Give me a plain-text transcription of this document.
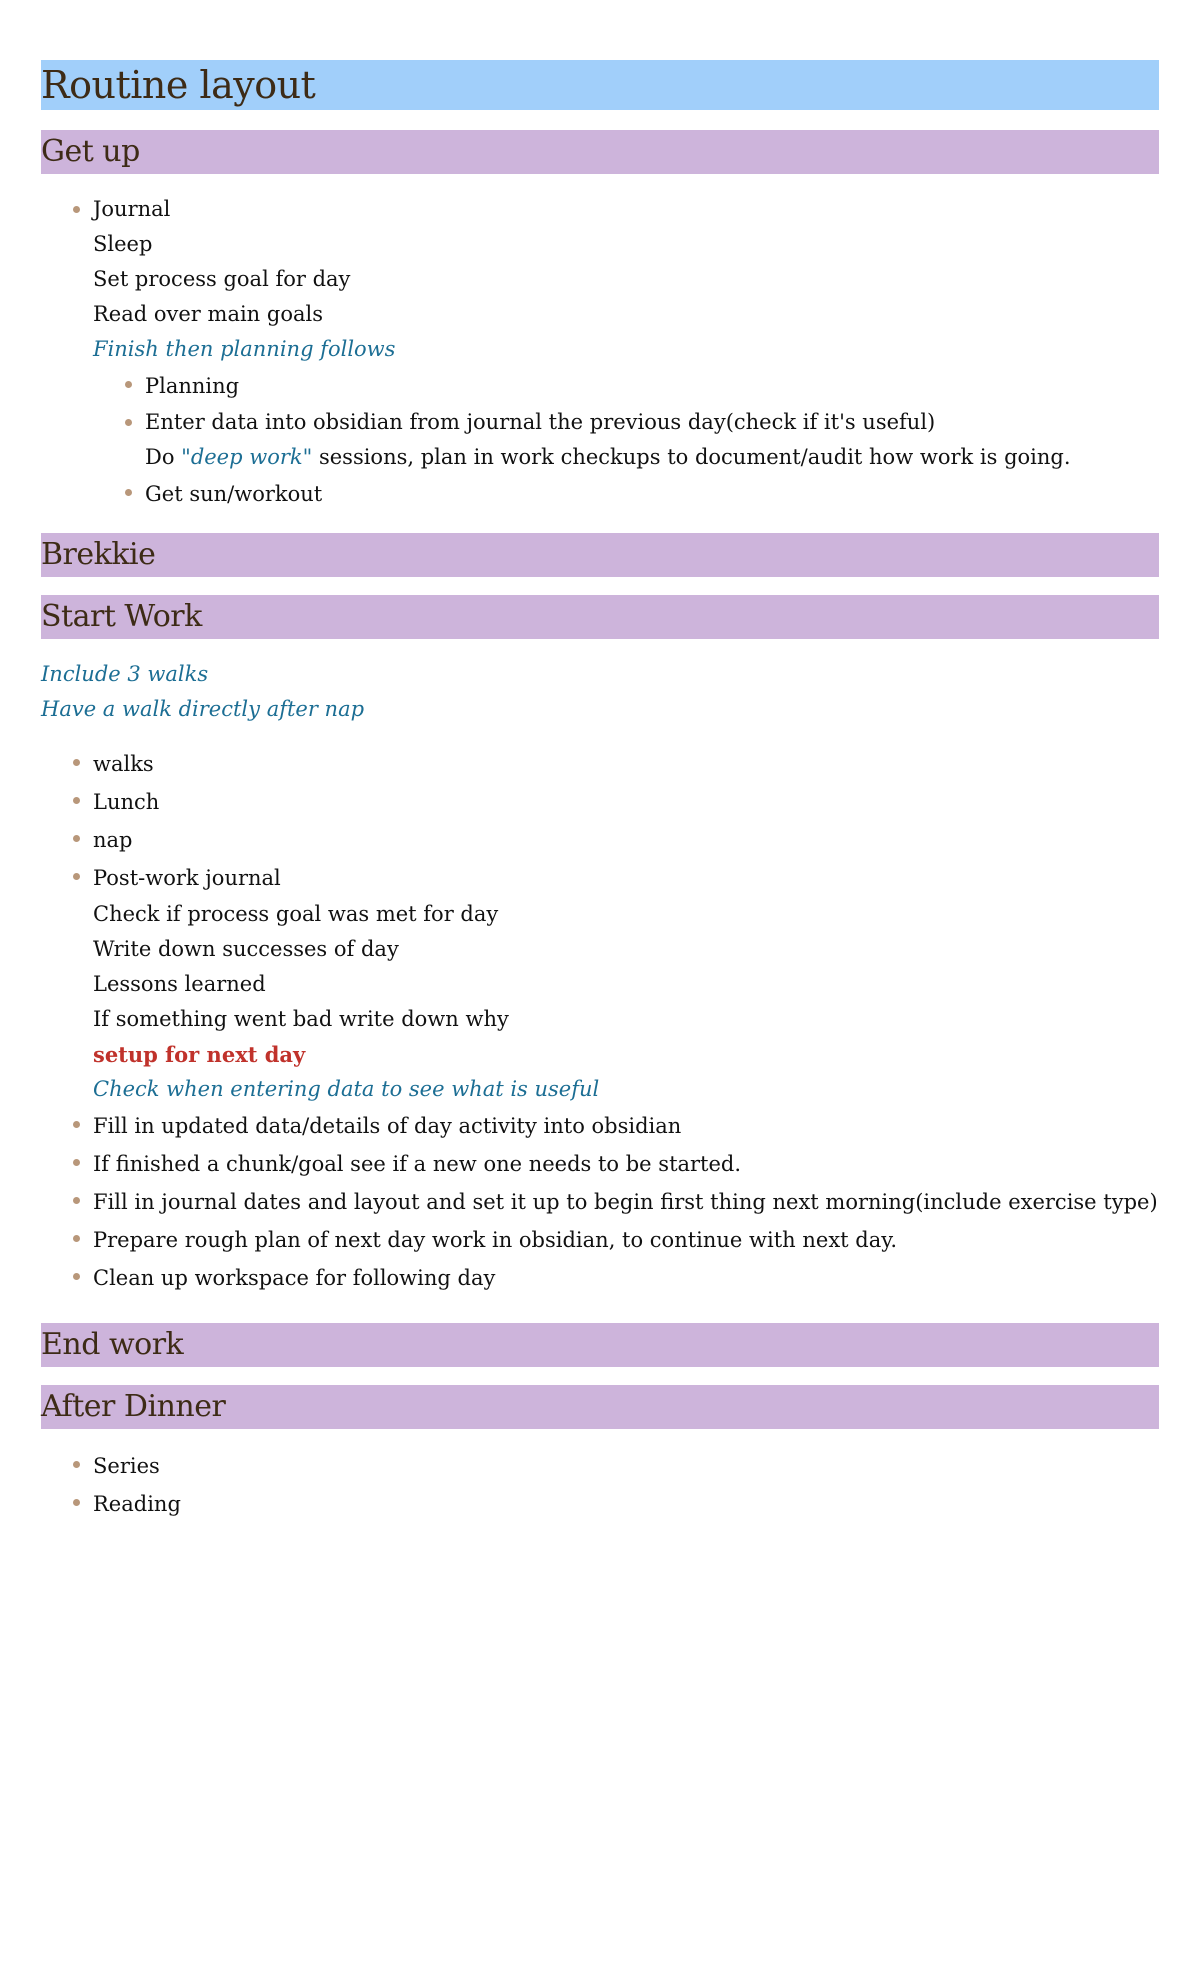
Routine layout
Get up
Journal
Sleep
Set process goal for day
Read over main goals
Finish then planning follows
Planning
Enter data into obsidian from journal the previous day(check if it's useful)
Do "deep work" sessions, plan in work checkups to document/audit how work is going.
Get sun/workout
Brekkie
Start Work
Include 3 walks
Have a walk directly after nap
walks
Lunch
nap
Post-work journal
Check if process goal was met for day
Write down successes of day
Lessons learned
If something went bad write down why
setup for next day
Check when entering data to see what is useful
Fill in updated data/details of day activity into obsidian
If finished a chunk/goal see if a new one needs to be started.
Fill in journal dates and layout and set it up to begin first thing next morning(include exercise type)
Prepare rough plan of next day work in obsidian, to continue with next day.
Clean up workspace for following day
End work
After Dinner
Series
Reading
